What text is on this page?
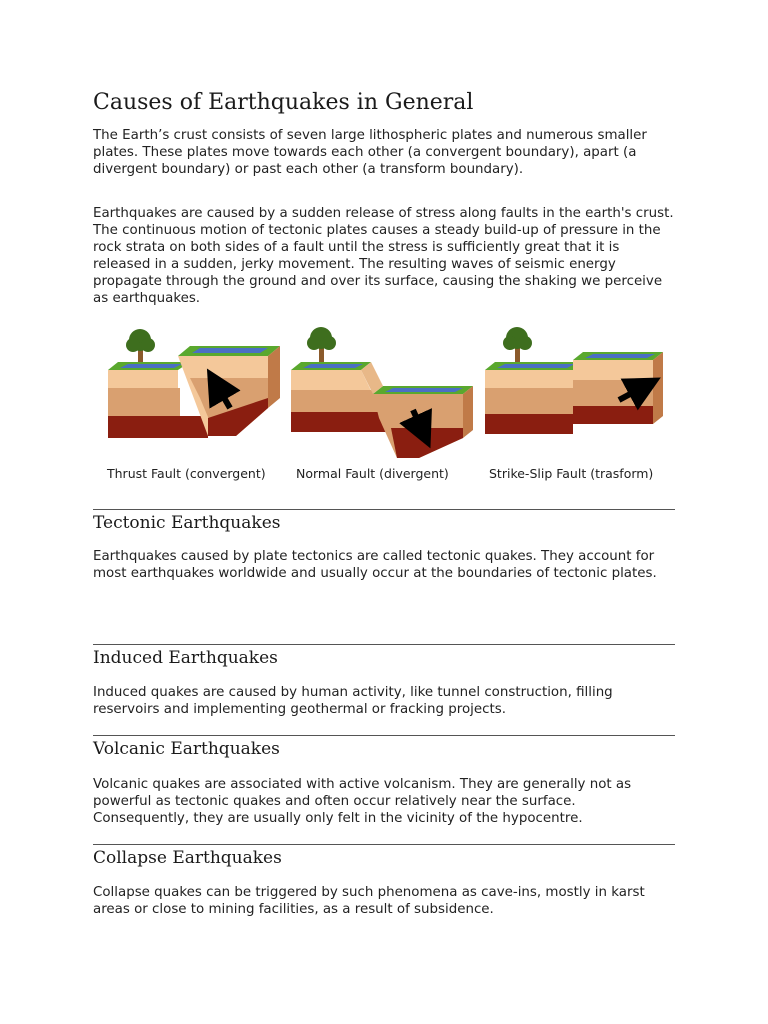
Causes of Earthquakes in General

The Earth’s crust consists of seven large lithospheric plates and numerous smaller plates. These plates move towards each other (a convergent boundary), apart (a divergent boundary) or past each other (a transform boundary).

Earthquakes are caused by a sudden release of stress along faults in the earth's crust. The continuous motion of tectonic plates causes a steady build-up of pressure in the rock strata on both sides of a fault until the stress is sufficiently great that it is released in a sudden, jerky movement. The resulting waves of seismic energy propagate through the ground and over its surface, causing the shaking we perceive as earthquakes.

Thrust Fault (convergent) Normal Fault (divergent)	Strike-Slip Fault (trasform)
Tectonic Earthquakes

Earthquakes caused by plate tectonics are called tectonic quakes. They account for most earthquakes worldwide and usually occur at the boundaries of tectonic plates.

Induced Earthquakes

Induced quakes are caused by human activity, like tunnel construction, filling reservoirs and implementing geothermal or fracking projects.

Volcanic Earthquakes

Volcanic quakes are associated with active volcanism. They are generally not as powerful as tectonic quakes and often occur relatively near the surface. Consequently, they are usually only felt in the vicinity of the hypocentre.

Collapse Earthquakes

Collapse quakes can be triggered by such phenomena as cave-ins, mostly in karst areas or close to mining facilities, as a result of subsidence.
